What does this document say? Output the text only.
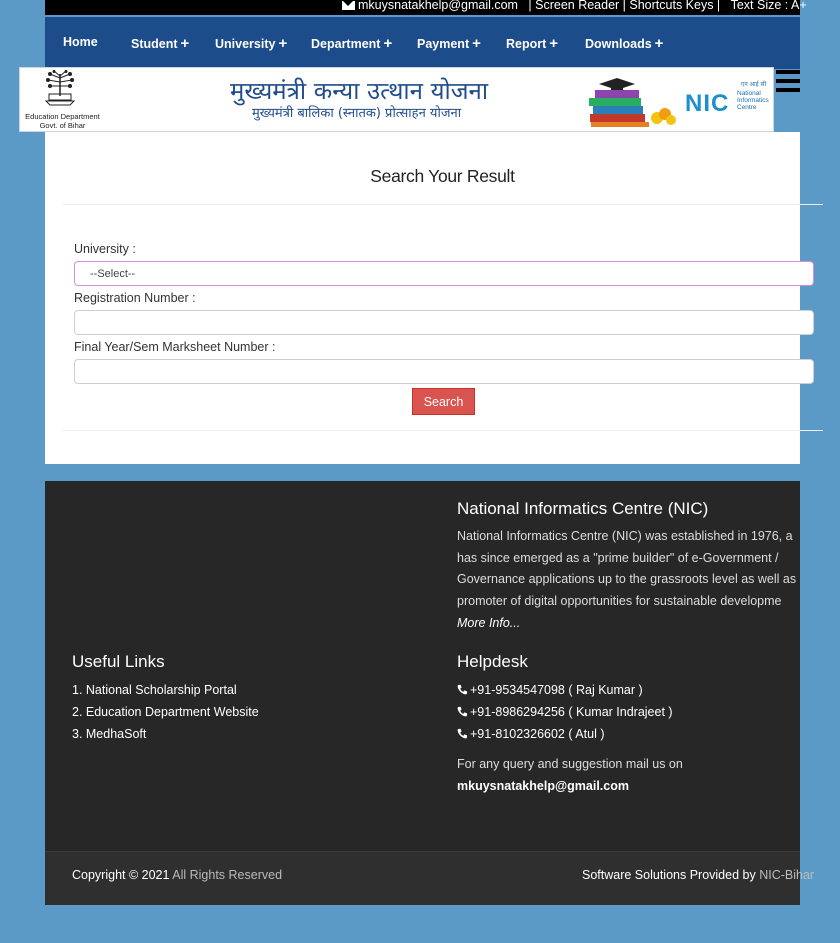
mkuysnatakhelp@gmail.com | Screen Reader | Shortcuts Keys | Text Size : A+
Home	Student + University + Department + Payment + Report + Downloads +
Education Department
Govt. of Bihar
मुख्यमंत्री कन्या उत्थान योजना
मुख्यमंत्री बालिका (स्नातक) प्रोत्साहन योजना
एन आई सी
NIC National
Informatics
Centre
Search Your Result
University :
--Select--
Registration Number :
Final Year/Sem Marksheet Number :
Search
National Informatics Centre (NIC)
National Informatics Centre (NIC) was established in 1976, a
has since emerged as a "prime builder" of e-Government /
Governance applications up to the grassroots level as well as
promoter of digital opportunities for sustainable developme
More Info...
Useful Links
1. National Scholarship Portal
2. Education Department Website
3. MedhaSoft
Helpdesk
+91-9534547098 ( Raj Kumar )
+91-8986294256 ( Kumar Indrajeet )
+91-8102326602 ( Atul )
For any query and suggestion mail us on
mkuysnatakhelp@gmail.com
Copyright © 2021 All Rights Reserved	Software Solutions Provided by NIC-Bihar
